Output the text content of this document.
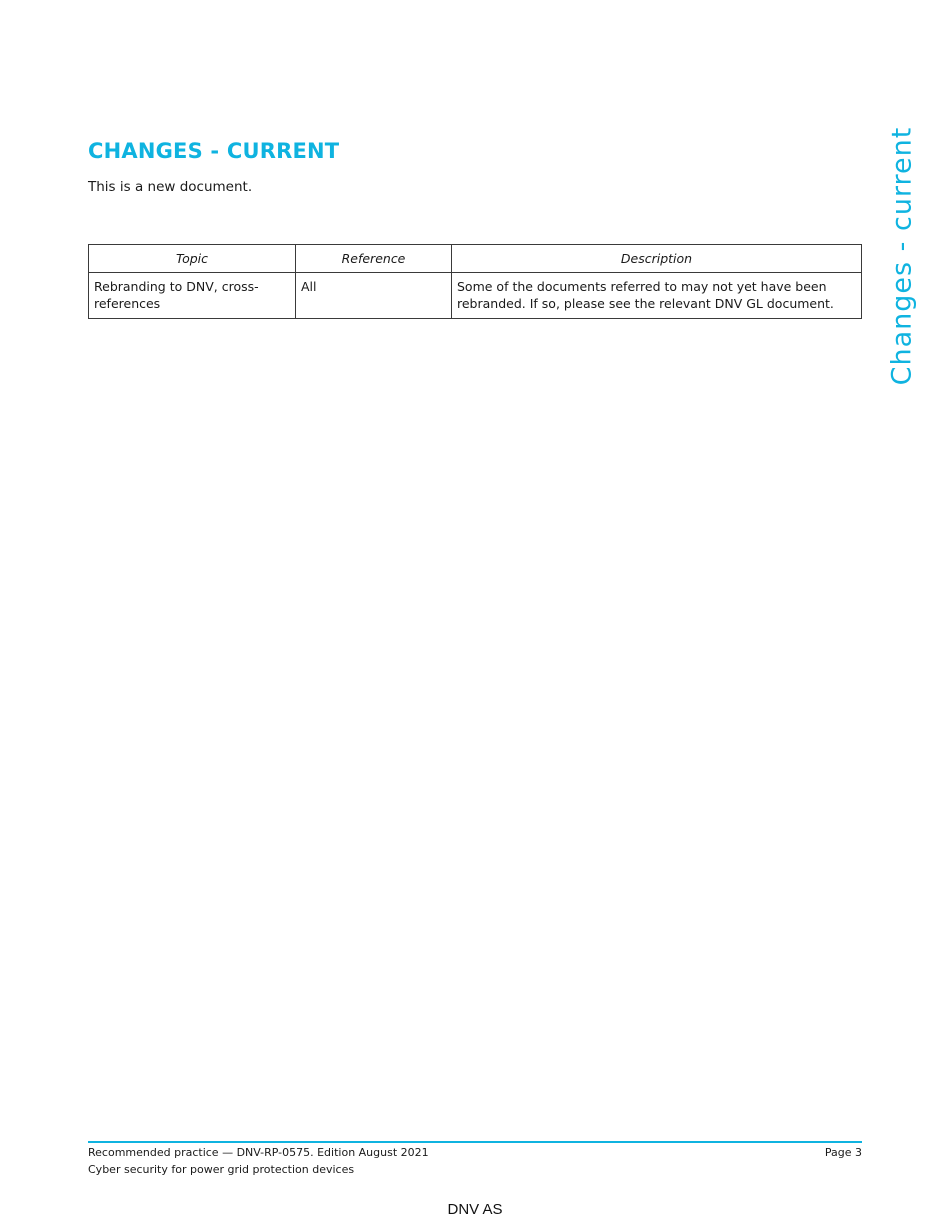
CHANGES - CURRENT

This is a new document.

Topic	Reference	Description
Rebranding to DNV, cross-references	All	Some of the documents referred to may not yet have been rebranded. If so, please see the relevant DNV GL document. Changes - current
Recommended practice — DNV-RP-0575. Edition August 2021
Cyber security for power grid protection devices
Page 3
DNV AS
